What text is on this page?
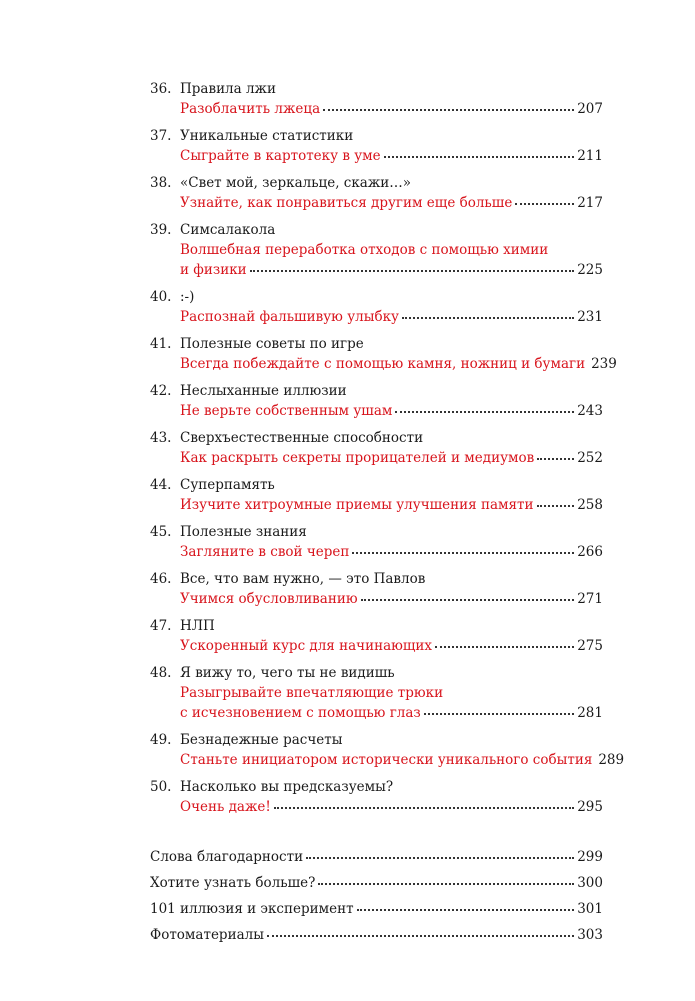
36. Правила лжи
Разоблачить лжеца	207
37. Уникальные статистики
Сыграйте в картотеку в уме	211
38. «Свет мой, зеркальце, скажи…»
Узнайте, как понравиться другим еще больше	217
39. Симсалакола
Волшебная переработка отходов с помощью химии
и физики	225
40. :-)
Распознай фальшивую улыбку	231
41. Полезные советы по игре
Всегда побеждайте с помощью камня, ножниц и бумаги 239
42. Неслыханные иллюзии
Не верьте собственным ушам	243
43. Сверхъестественные способности
Как раскрыть секреты прорицателей и медиумов	252
44. Суперпамять
Изучите хитроумные приемы улучшения памяти	258
45. Полезные знания
Загляните в свой череп	266
46. Все, что вам нужно, — это Павлов
Учимся обусловливанию	271
47. НЛП
Ускоренный курс для начинающих	275
48. Я вижу то, чего ты не видишь
Разыгрывайте впечатляющие трюки
с исчезновением с помощью глаз	281
49. Безнадежные расчеты
Станьте инициатором исторически уникального события 289
50. Насколько вы предсказуемы?
Очень даже!	295
Слова благодарности	299
Хотите узнать больше?	300
101 иллюзия и эксперимент	301
Фотоматериалы	303
